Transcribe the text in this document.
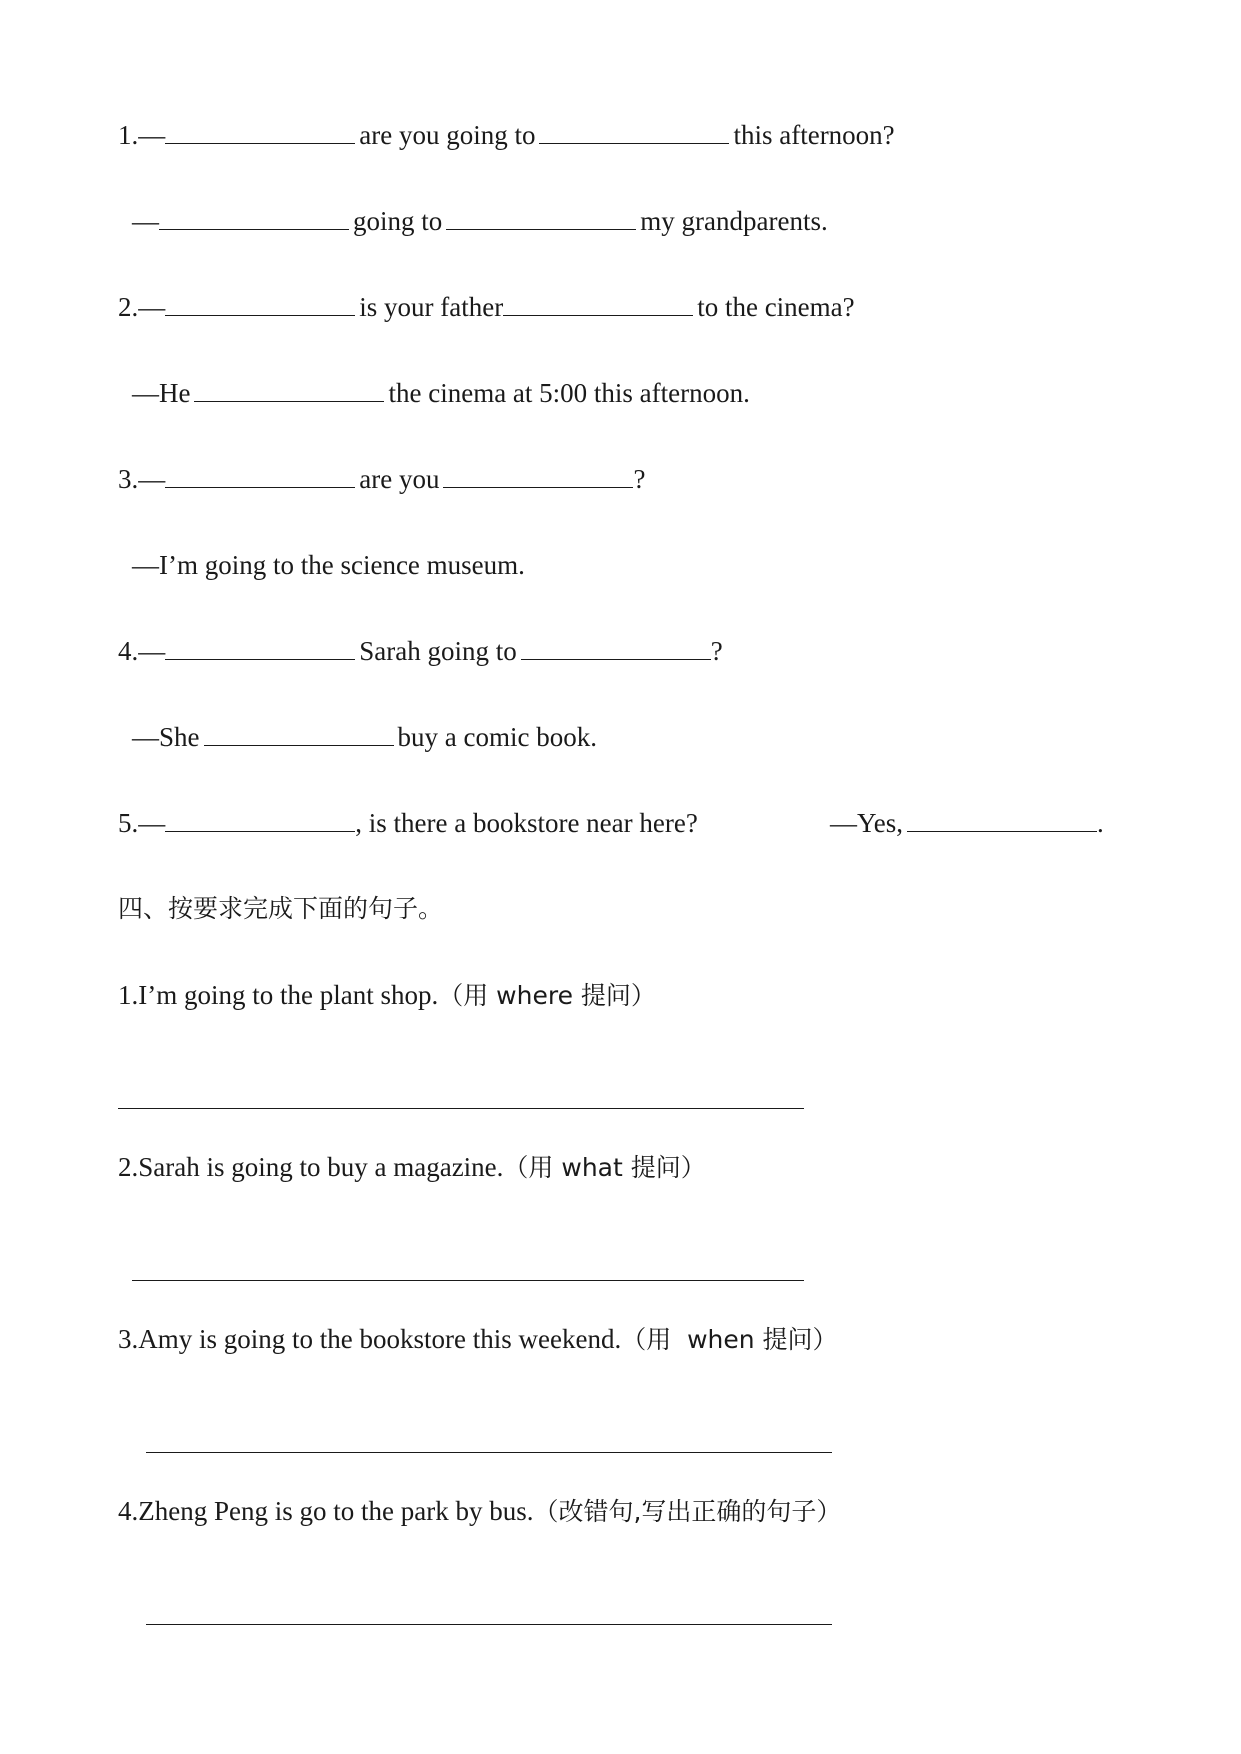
1.—	are you going to	this afternoon?
—	going to	my grandparents.
2.—	is your father	to the cinema?
—He	the cinema at 5:00 this afternoon.
3.—	are you	?
—I’m going to the science museum.
4.—	Sarah going to	?
—She	buy a comic book.
5.—	, is there a bookstore near here?	—Yes,	.
四、按要求完成下面的句子。
1.I’m going to the plant shop.（用 where 提问）
2.Sarah is going to buy a magazine.（用 what 提问）
3.Amy is going to the bookstore this weekend.（用  when 提问）
4.Zheng Peng is go to the park by bus.（改错句,写出正确的句子）
